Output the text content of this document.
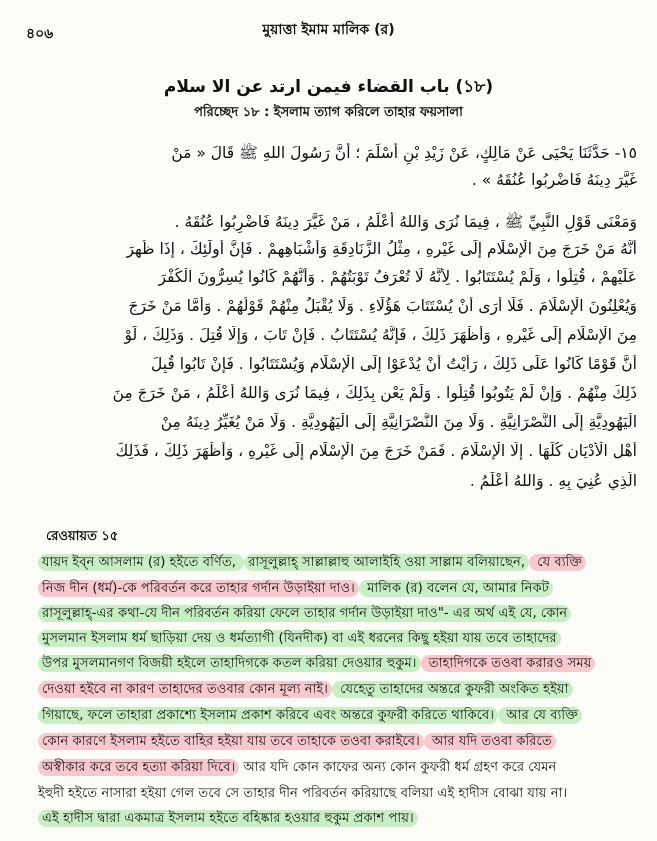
৪০৬	মুয়াত্তা ইমাম মালিক (র)
(১৮) باب القضاء فيمن ارتد عن الا سلام
পরিচ্ছেদ ১৮ : ইসলাম ত্যাগ করিলে তাহার ফয়সালা
١٥- حَدَّثَنَا يَحْيَى عَنْ مَالِكٍ، عَنْ زَيْدِ بْنِ أَسْلَمَ ؛ أَنَّ رَسُولَ اللهِ ﷺ قَالَ « مَنْ
غَيَّرَ دِينَهُ فَاضْرِبُوا عُنُقَهُ » .
وَمَعْنَى قَوْلِ النَّبِيِّ ﷺ ، فِيمَا نُرَى وَاللهُ أَعْلَمُ ، مَنْ غَيَّرَ دِينَهُ فَاضْرِبُوا عُنُقَهُ .
أَنَّهُ مَنْ خَرَجَ مِنَ الْإِسْلَامِ إِلَى غَيْرِهِ ، مِثْلُ الزَّنَادِقَةِ وَأَشْبَاهِهِمْ . فَإِنَّ أُولَئِكَ ، إِذَا ظُهِرَ
عَلَيْهِمْ ، قُتِلُوا ، وَلَمْ يُسْتَتَابُوا . لِأَنَّهُ لَا تُعْرَفُ تَوْبَتُهُمْ . وَأَنَّهُمْ كَانُوا يُسِرُّونَ الْكُفْرَ
وَيُعْلِنُونَ الْإِسْلَامَ . فَلَا أَرَى أَنْ يُسْتَتَابَ هَؤُلَاءِ . وَلَا يُقْبَلُ مِنْهُمْ قَوْلُهُمْ . وَأَمَّا مَنْ خَرَجَ
مِنَ الْإِسْلَامِ إِلَى غَيْرِهِ ، وَأَظْهَرَ ذَلِكَ ، فَإِنَّهُ يُسْتَتَابُ . فَإِنْ تَابَ ، وَإِلَّا قُتِلَ . وَذَلِكَ ، لَوْ
أَنَّ قَوْمًا كَانُوا عَلَى ذَلِكَ ، رَأَيْتُ أَنْ يُدْعَوْا إِلَى الْإِسْلَامِ وَيُسْتَتَابُوا . فَإِنْ تَابُوا قُبِلَ
ذَلِكَ مِنْهُمْ . وَإِنْ لَمْ يَتُوبُوا قُتِلُوا . وَلَمْ يَعْنِ بِذَلِكَ ، فِيمَا نُرَى وَاللهُ أَعْلَمُ ، مَنْ خَرَجَ مِنَ
الْيَهُودِيَّةِ إِلَى النَّصْرَانِيَّةِ . وَلَا مِنَ النَّصْرَانِيَّةِ إِلَى الْيَهُودِيَّةِ . وَلَا مَنْ يُغَيِّرُ دِينَهُ مِنْ
أَهْلِ الْأَدْيَانِ كُلِّهَا . إِلَّا الْإِسْلَامَ . فَمَنْ خَرَجَ مِنَ الْإِسْلَامِ إِلَى غَيْرِهِ ، وَأَظْهَرَ ذَلِكَ ، فَذَلِكَ
الَّذِي عُنِيَ بِهِ . وَاللهُ أَعْلَمُ .
রেওয়ায়ত ১৫
যায়দ ইব্‌ন আসলাম (র) হইতে বর্ণিত, রাসূলুল্লাহ্‌ সাল্লাল্লাহু আলাইহি ওয়া সাল্লাম বলিয়াছেন, যে ব্যক্তি
নিজ দীন (ধর্ম)-কে পরিবর্তন করে তাহার গর্দান উড়াইয়া দাও। মালিক (র) বলেন যে, আমার নিকট
রাসূলুল্লাহ্‌-এর কথা-যে দীন পরিবর্তন করিয়া ফেলে তাহার গর্দান উড়াইয়া দাও"- এর অর্থ এই যে, কোন
মুসলমান ইসলাম ধর্ম ছাড়িয়া দেয় ও ধর্মত্যাগী (যিনদীক) বা এই ধরনের কিছু হইয়া যায় তবে তাহাদের
উপর মুসলমানগণ বিজয়ী হইলে তাহাদিগকে কতল করিয়া দেওয়ার হুকুম। তাহাদিগকে তওবা করারও সময়
দেওয়া হইবে না কারণ তাহাদের তওবার কোন মূল্য নাই। যেহেতু তাহাদের অন্তরে কুফরী অংকিত হইয়া
গিয়াছে, ফলে তাহারা প্রকাশ্যে ইসলাম প্রকাশ করিবে এবং অন্তরে কুফরী করিতে থাকিবে। আর যে ব্যক্তি
কোন কারণে ইসলাম হইতে বাহির হইয়া যায় তবে তাহাকে তওবা করাইবে। আর যদি তওবা করিতে
অস্বীকার করে তবে হত্যা করিয়া দিবে। আর যদি কোন কাফের অন্য কোন কুফরী ধর্ম গ্রহণ করে যেমন
ইহুদী হইতে নাসারা হইয়া গেল তবে সে তাহার দীন পরিবর্তন করিয়াছে বলিয়া এই হাদীস বোঝা যায় না।
এই হাদীস দ্বারা একমাত্র ইসলাম হইতে বহিষ্কার হওয়ার হুকুম প্রকাশ পায়।
